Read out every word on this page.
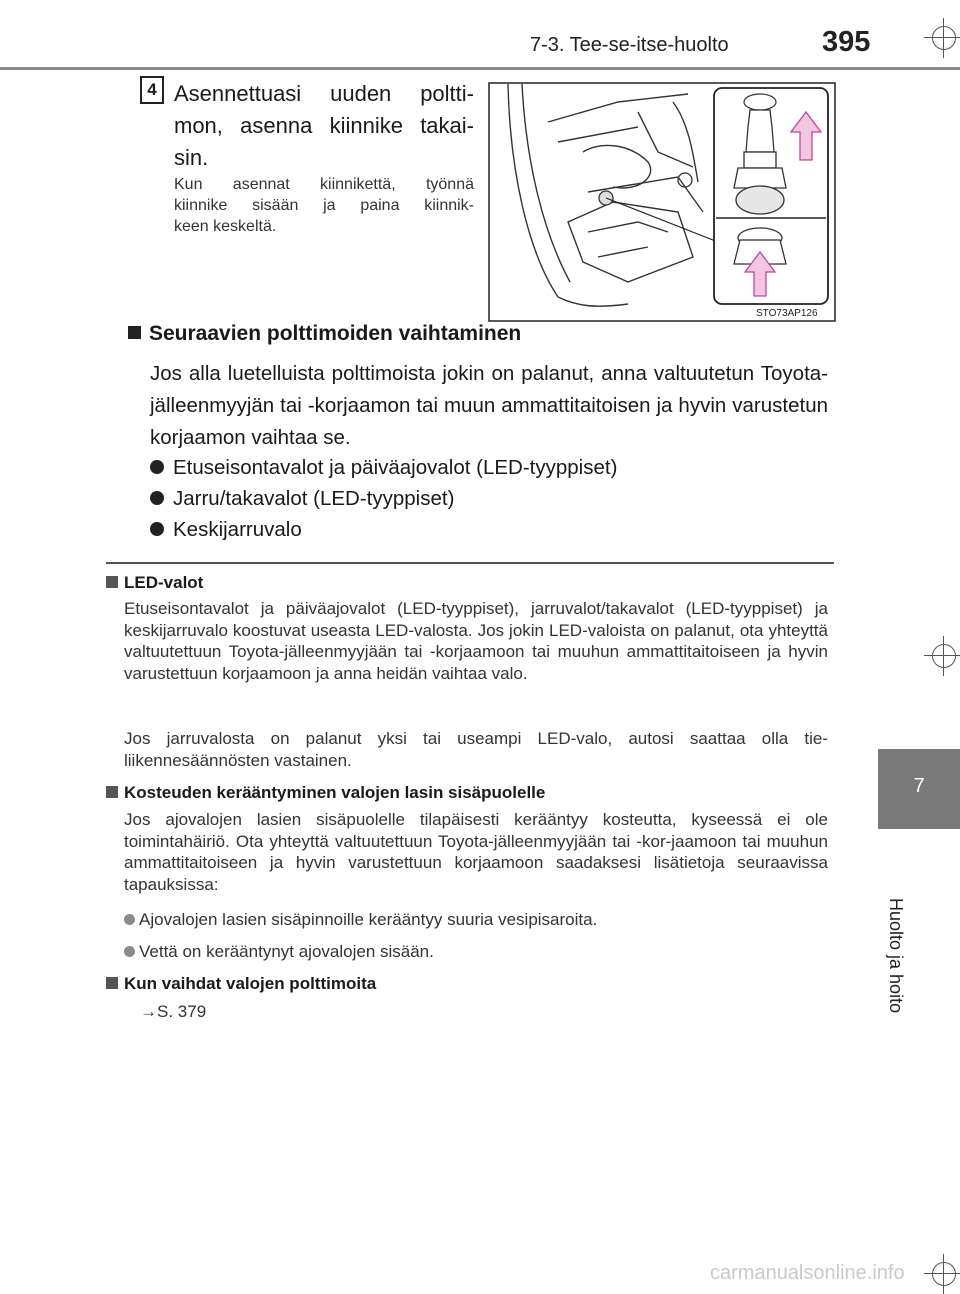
7-3. Tee-se-itse-huolto	395
7
Huolto ja hoito
4 Asennettuasi uuden poltti-
mon, asenna kiinnike takai-
sin.
Kun asennat kiinnikettä, työnnä
kiinnike sisään ja paina kiinnik-
keen keskeltä.
STO73AP126
Seuraavien polttimoiden vaihtaminen
Jos alla luetelluista polttimoista jokin on palanut, anna valtuutetun Toyota-jälleenmyyjän tai -korjaamon tai muun ammattitaitoisen ja hyvin varustetun korjaamon vaihtaa se.
Etuseisontavalot ja päiväajovalot (LED-tyyppiset)
Jarru/takavalot (LED-tyyppiset)
Keskijarruvalo
LED-valot
Etuseisontavalot ja päiväajovalot (LED-tyyppiset), jarruvalot/takavalot (LED-tyyppiset) ja keskijarruvalo koostuvat useasta LED-valosta. Jos jokin LED-valoista on palanut, ota yhteyttä valtuutettuun Toyota-jälleenmyyjään tai -korjaamoon tai muuhun ammattitaitoiseen ja hyvin varustettuun korjaamoon ja anna heidän vaihtaa valo.
Jos jarruvalosta on palanut yksi tai useampi LED-valo, autosi saattaa olla tie-liikennesäännösten vastainen.
Kosteuden kerääntyminen valojen lasin sisäpuolelle
Jos ajovalojen lasien sisäpuolelle tilapäisesti kerääntyy kosteutta, kyseessä ei ole toimintahäiriö. Ota yhteyttä valtuutettuun Toyota-jälleenmyyjään tai -kor-jaamoon tai muuhun ammattitaitoiseen ja hyvin varustettuun korjaamoon saadaksesi lisätietoja seuraavissa tapauksissa:
Ajovalojen lasien sisäpinnoille kerääntyy suuria vesipisaroita.
Vettä on kerääntynyt ajovalojen sisään.
Kun vaihdat valojen polttimoita
→S. 379
carmanualsonline.info
